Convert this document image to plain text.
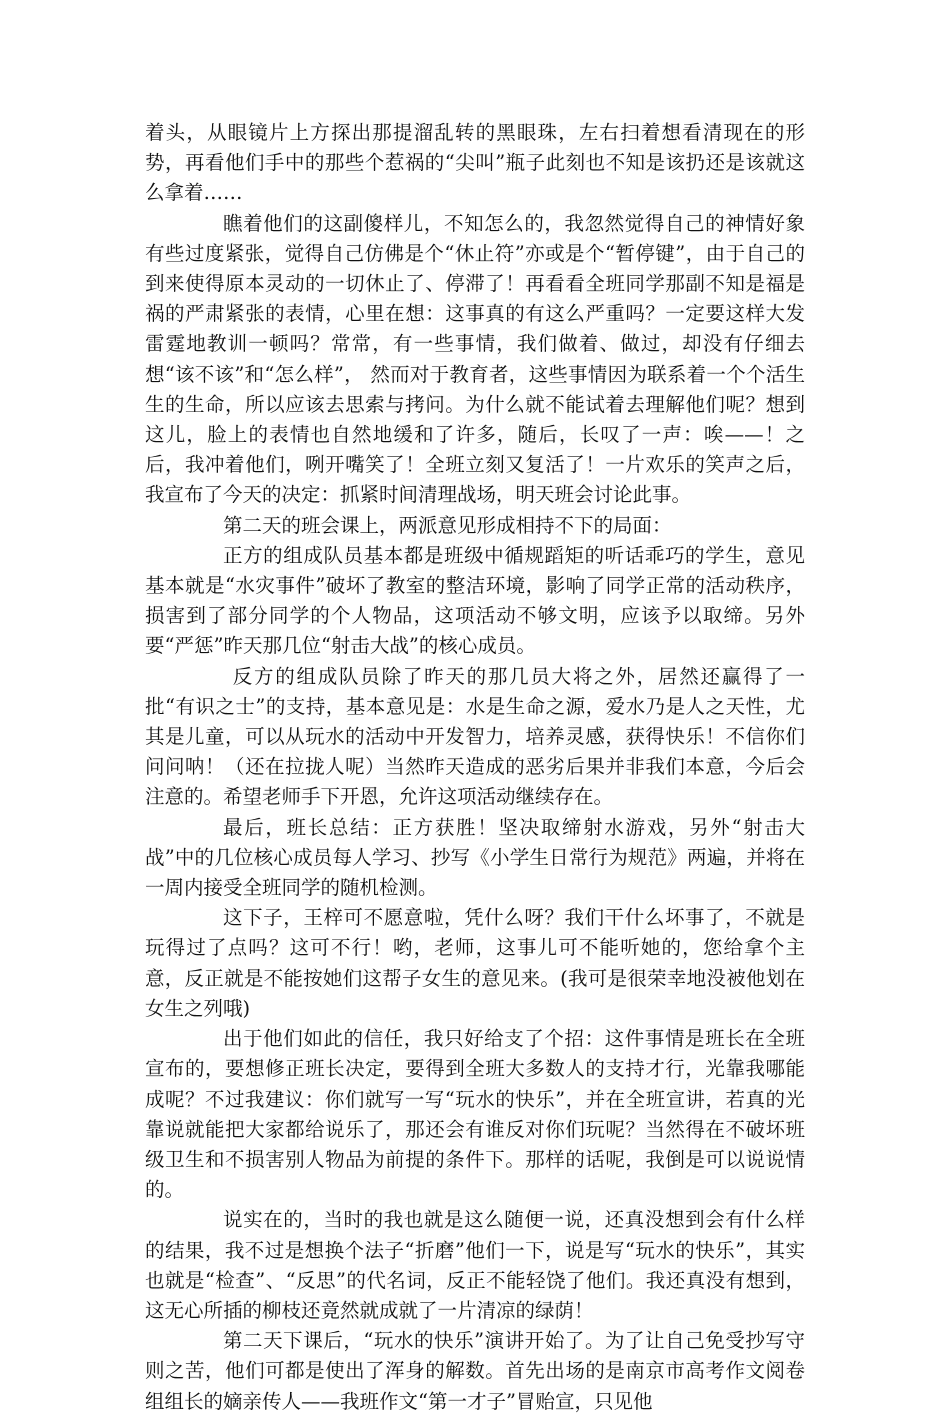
着头，从眼镜片上方探出那提溜乱转的黑眼珠，左右扫着想看清现在的形势，再看他们手中的那些个惹祸的“尖叫”瓶子此刻也不知是该扔还是该就这么拿着……

瞧着他们的这副傻样儿，不知怎么的，我忽然觉得自己的神情好象有些过度紧张，觉得自己仿佛是个“休止符”亦或是个“暂停键”，由于自己的到来使得原本灵动的一切休止了、停滞了！再看看全班同学那副不知是福是祸的严肃紧张的表情，心里在想：这事真的有这么严重吗？一定要这样大发雷霆地教训一顿吗？常常，有一些事情，我们做着、做过，却没有仔细去想“该不该”和“怎么样”， 然而对于教育者，这些事情因为联系着一个个活生生的生命，所以应该去思索与拷问。为什么就不能试着去理解他们呢？想到这儿，脸上的表情也自然地缓和了许多，随后，长叹了一声：唉——！之后，我冲着他们，咧开嘴笑了！全班立刻又复活了！一片欢乐的笑声之后，我宣布了今天的决定：抓紧时间清理战场，明天班会讨论此事。

第二天的班会课上，两派意见形成相持不下的局面：

正方的组成队员基本都是班级中循规蹈矩的听话乖巧的学生，意见基本就是“水灾事件”破坏了教室的整洁环境，影响了同学正常的活动秩序，损害到了部分同学的个人物品，这项活动不够文明，应该予以取缔。另外要“严惩”昨天那几位“射击大战”的核心成员。

反方的组成队员除了昨天的那几员大将之外，居然还赢得了一批“有识之士”的支持，基本意见是：水是生命之源，爱水乃是人之天性，尤其是儿童，可以从玩水的活动中开发智力，培养灵感，获得快乐！不信你们问问呐！（还在拉拢人呢）当然昨天造成的恶劣后果并非我们本意，今后会注意的。希望老师手下开恩，允许这项活动继续存在。

最后，班长总结：正方获胜！坚决取缔射水游戏，另外“射击大战”中的几位核心成员每人学习、抄写《小学生日常行为规范》两遍，并将在一周内接受全班同学的随机检测。

这下子，王梓可不愿意啦，凭什么呀？我们干什么坏事了，不就是玩得过了点吗？这可不行！哟，老师，这事儿可不能听她的，您给拿个主意，反正就是不能按她们这帮子女生的意见来。(我可是很荣幸地没被他划在女生之列哦)

出于他们如此的信任，我只好给支了个招：这件事情是班长在全班宣布的，要想修正班长决定，要得到全班大多数人的支持才行，光靠我哪能成呢？不过我建议：你们就写一写“玩水的快乐”，并在全班宣讲，若真的光靠说就能把大家都给说乐了，那还会有谁反对你们玩呢？当然得在不破坏班级卫生和不损害别人物品为前提的条件下。那样的话呢，我倒是可以说说情的。

说实在的，当时的我也就是这么随便一说，还真没想到会有什么样的结果，我不过是想换个法子“折磨”他们一下，说是写“玩水的快乐”，其实也就是“检查”、“反思”的代名词，反正不能轻饶了他们。我还真没有想到，这无心所插的柳枝还竟然就成就了一片清凉的绿荫！

第二天下课后，“玩水的快乐”演讲开始了。为了让自己免受抄写守则之苦，他们可都是使出了浑身的解数。首先出场的是南京市高考作文阅卷组组长的嫡亲传人——我班作文“第一才子”冒贻宣，只见他
